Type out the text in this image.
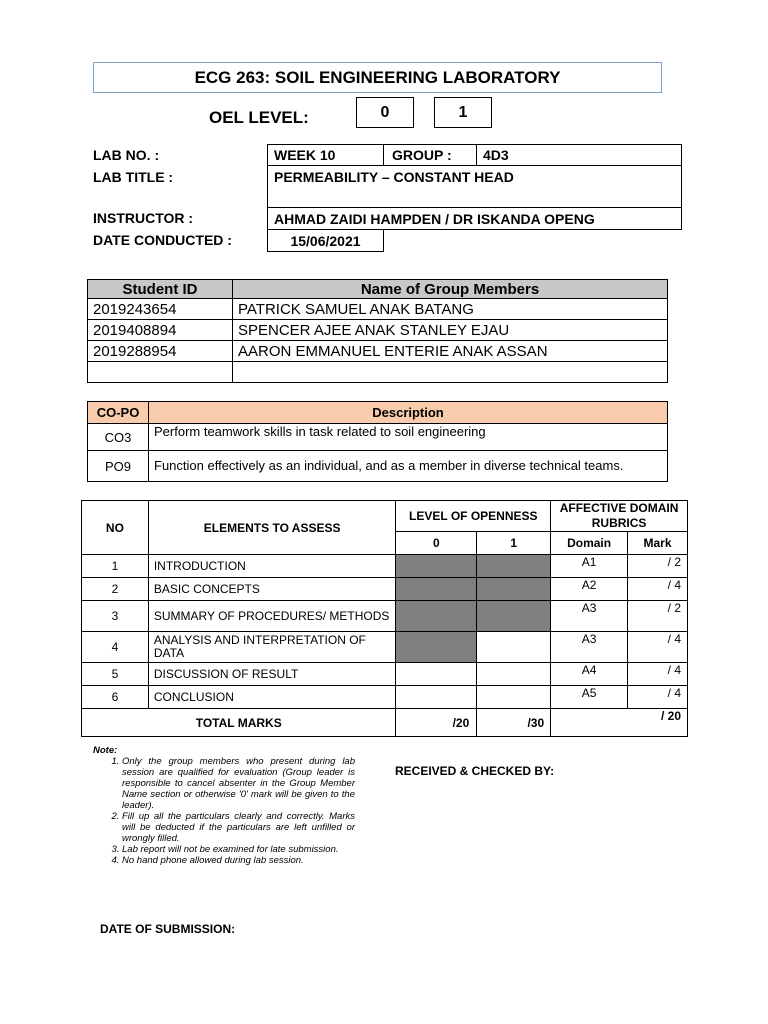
ECG 263: SOIL ENGINEERING LABORATORY
OEL LEVEL:	0	1
LAB NO. :	WEEK 10	GROUP :	4D3
LAB TITLE :	PERMEABILITY – CONSTANT HEAD
INSTRUCTOR :	AHMAD ZAIDI HAMPDEN / DR ISKANDA OPENG
DATE CONDUCTED :	15/06/2021
Student ID	Name of Group Members
2019243654	PATRICK SAMUEL ANAK BATANG
2019408894	SPENCER AJEE ANAK STANLEY EJAU
2019288954	AARON EMMANUEL ENTERIE ANAK ASSAN

CO-PO	Description
CO3	Perform teamwork skills in task related to soil engineering
PO9	Function effectively as an individual, and as a member in diverse technical teams.
NO	ELEMENTS TO ASSESS	LEVEL OF OPENNESS		AFFECTIVE DOMAIN RUBRICS	
		0	1	Domain	Mark
1	INTRODUCTION			A1	/ 2
2	BASIC CONCEPTS			A2	/ 4
3	SUMMARY OF PROCEDURES/ METHODS			A3	/ 2
4	ANALYSIS AND INTERPRETATION OF DATA			A3	/ 4
5	DISCUSSION OF RESULT			A4	/ 4
6	CONCLUSION			A5	/ 4
TOTAL MARKS		/20	/30	/ 20	
Note:
1. Only the group members who present during lab session are qualified for evaluation (Group leader is responsible to cancel absenter in the Group Member Name section or otherwise '0' mark will be given to the leader).
2. Fill up all the particulars clearly and correctly. Marks will be deducted if the particulars are left unfilled or wrongly filled.
3. Lab report will not be examined for late submission.
4. No hand phone allowed during lab session.
RECEIVED & CHECKED BY:
DATE OF SUBMISSION:
